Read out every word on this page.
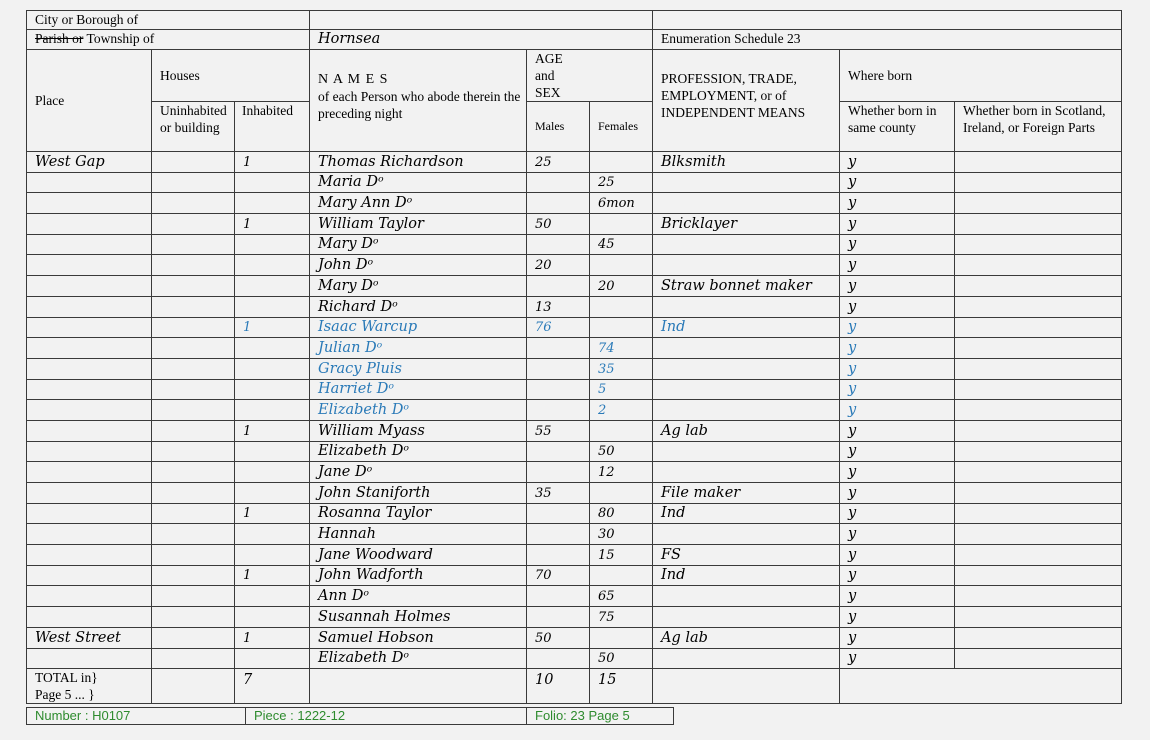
City or Borough of								
Parish or Township of			Hornsea			Enumeration Schedule 23		
Place	Houses		N A M E S
of each Person who abode therein the preceding night	AGE and SEX		PROFESSION, TRADE, EMPLOYMENT, or of INDEPENDENT MEANS	Where born	
	Uninhabited or building	Inhabited		Males	Females		Whether born in same county	Whether born in Scotland, Ireland, or Foreign Parts
West Gap		1	Thomas Richardson	25		Blksmith	y	
			Maria Dᵒ		25		y	
			Mary Ann Dᵒ		6mon		y	
		1	William Taylor	50		Bricklayer	y	
			Mary Dᵒ		45		y	
			John Dᵒ	20			y	
			Mary Dᵒ		20	Straw bonnet maker	y	
			Richard Dᵒ	13			y	
		1	Isaac Warcup	76		Ind	y	
			Julian Dᵒ		74		y	
			Gracy Pluis		35		y	
			Harriet Dᵒ		5		y	
			Elizabeth Dᵒ		2		y	
		1	William Myass	55		Ag lab	y	
			Elizabeth Dᵒ		50		y	
			Jane Dᵒ		12		y	
			John Staniforth	35		File maker	y	
		1	Rosanna Taylor		80	Ind	y	
			Hannah		30		y	
			Jane Woodward		15	FS	y	
		1	John Wadforth	70		Ind	y	
			Ann Dᵒ		65		y	
			Susannah Holmes		75		y	
West Street		1	Samuel Hobson	50		Ag lab	y	
			Elizabeth Dᵒ		50		y	
TOTAL in}
Page 5 ... }		7		10	15			
Number : H0107	Piece : 1222-12	Folio: 23 Page 5
